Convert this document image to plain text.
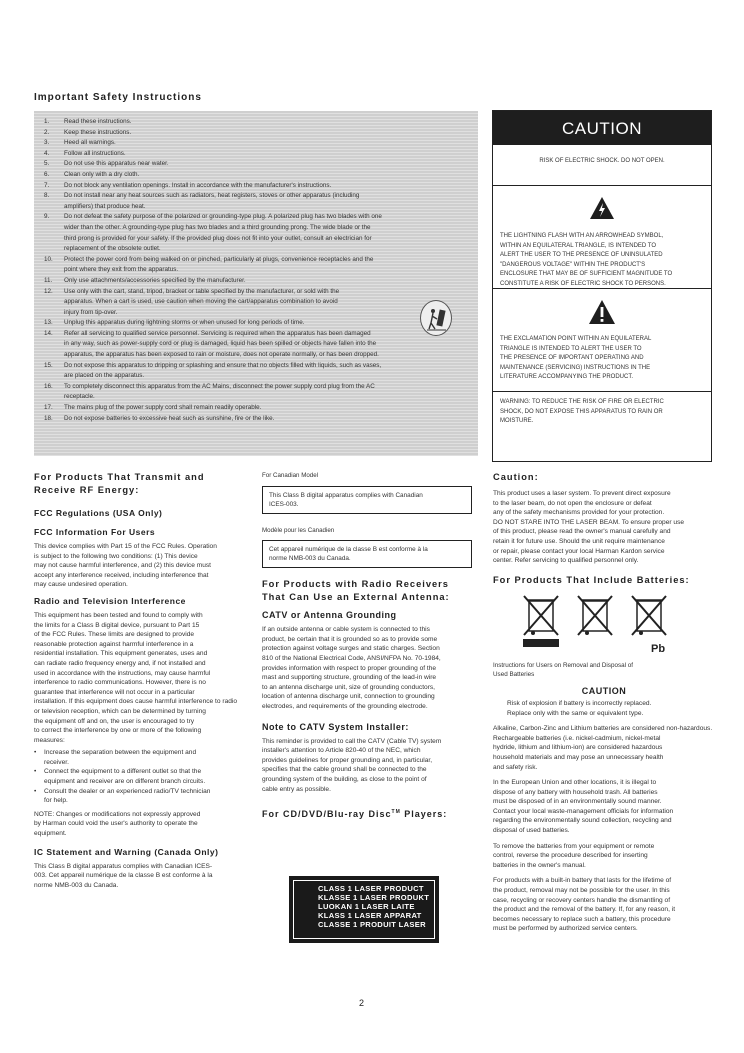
Important Safety Instructions
1.	Read these instructions.
2.	Keep these instructions.
3.	Heed all warnings.
4.	Follow all instructions.
5.	Do not use this apparatus near water.
6.	Clean only with a dry cloth.
7.	Do not block any ventilation openings. Install in accordance with the manufacturer's instructions.
8.	Do not install near any heat sources such as radiators, heat registers, stoves or other apparatus (including
amplifiers) that produce heat.
9.	Do not defeat the safety purpose of the polarized or grounding-type plug. A polarized plug has two blades with one
wider than the other. A grounding-type plug has two blades and a third grounding prong. The wide blade or the
third prong is provided for your safety. If the provided plug does not fit into your outlet, consult an electrician for
replacement of the obsolete outlet.
10.	Protect the power cord from being walked on or pinched, particularly at plugs, convenience receptacles and the
point where they exit from the apparatus.
11.	Only use attachments/accessories specified by the manufacturer.
12.	Use only with the cart, stand, tripod, bracket or table specified by the manufacturer, or sold with the
apparatus. When a cart is used, use caution when moving the cart/apparatus combination to avoid
injury from tip-over.
13.	Unplug this apparatus during lightning storms or when unused for long periods of time.
14.	Refer all servicing to qualified service personnel. Servicing is required when the apparatus has been damaged
in any way, such as power-supply cord or plug is damaged, liquid has been spilled or objects have fallen into the
apparatus, the apparatus has been exposed to rain or moisture, does not operate normally, or has been dropped.
15.	Do not expose this apparatus to dripping or splashing and ensure that no objects filled with liquids, such as vases,
are placed on the apparatus.
16.	To completely disconnect this apparatus from the AC Mains, disconnect the power supply cord plug from the AC
receptacle.
17.	The mains plug of the power supply cord shall remain readily operable.
18.	Do not expose batteries to excessive heat such as sunshine, fire or the like.
CAUTION
RISK OF ELECTRIC SHOCK. DO NOT OPEN.
THE LIGHTNING FLASH WITH AN ARROWHEAD SYMBOL,
WITHIN AN EQUILATERAL TRIANGLE, IS INTENDED TO
ALERT THE USER TO THE PRESENCE OF UNINSULATED
"DANGEROUS VOLTAGE" WITHIN THE PRODUCT'S
ENCLOSURE THAT MAY BE OF SUFFICIENT MAGNITUDE TO
CONSTITUTE A RISK OF ELECTRIC SHOCK TO PERSONS.
THE EXCLAMATION POINT WITHIN AN EQUILATERAL
TRIANGLE IS INTENDED TO ALERT THE USER TO
THE PRESENCE OF IMPORTANT OPERATING AND
MAINTENANCE (SERVICING) INSTRUCTIONS IN THE
LITERATURE ACCOMPANYING THE PRODUCT.
WARNING: TO REDUCE THE RISK OF FIRE OR ELECTRIC
SHOCK, DO NOT EXPOSE THIS APPARATUS TO RAIN OR
MOISTURE.
For Products That Transmit and
Receive RF Energy:
FCC Regulations (USA Only)
FCC Information For Users
This device complies with Part 15 of the FCC Rules. Operation
is subject to the following two conditions: (1) This device
may not cause harmful interference, and (2) this device must
accept any interference received, including interference that
may cause undesired operation.
Radio and Television Interference
This equipment has been tested and found to comply with
the limits for a Class B digital device, pursuant to Part 15
of the FCC Rules. These limits are designed to provide
reasonable protection against harmful interference in a
residential installation. This equipment generates, uses and
can radiate radio frequency energy and, if not installed and
used in accordance with the instructions, may cause harmful
interference to radio communications. However, there is no
guarantee that interference will not occur in a particular
installation. If this equipment does cause harmful interference to radio
or television reception, which can be determined by turning
the equipment off and on, the user is encouraged to try
to correct the interference by one or more of the following
measures:
•	Increase the separation between the equipment and
receiver.
•	Connect the equipment to a different outlet so that the
equipment and receiver are on different branch circuits.
•	Consult the dealer or an experienced radio/TV technician
for help.
NOTE: Changes or modifications not expressly approved
by Harman could void the user's authority to operate the
equipment.
IC Statement and Warning (Canada Only)
This Class B digital apparatus complies with Canadian ICES-
003. Cet appareil numérique de la classe B est conforme à la
norme NMB-003 du Canada.
For Canadian Model
This Class B digital apparatus complies with Canadian
ICES-003.
Modèle pour les Canadien
Cet appareil numérique de la classe B est conforme à la
norme NMB-003 du Canada.
For Products with Radio Receivers
That Can Use an External Antenna:
CATV or Antenna Grounding
If an outside antenna or cable system is connected to this
product, be certain that it is grounded so as to provide some
protection against voltage surges and static charges. Section
810 of the National Electrical Code, ANSI/NFPA No. 70-1984,
provides information with respect to proper grounding of the
mast and supporting structure, grounding of the lead-in wire
to an antenna discharge unit, size of grounding conductors,
location of antenna discharge unit, connection to grounding
electrodes, and requirements of the grounding electrode.
Note to CATV System Installer:
This reminder is provided to call the CATV (Cable TV) system
installer's attention to Article 820-40 of the NEC, which
provides guidelines for proper grounding and, in particular,
specifies that the cable ground shall be connected to the
grounding system of the building, as close to the point of
cable entry as possible.
For CD/DVD/Blu-ray Disc™ Players:
CLASS 1 LASER PRODUCT
KLASSE 1 LASER PRODUKT
LUOKAN 1 LASER LAITE
KLASS 1 LASER APPARAT
CLASSE 1 PRODUIT LASER
Caution:
This product uses a laser system. To prevent direct exposure
to the laser beam, do not open the enclosure or defeat
any of the safety mechanisms provided for your protection.
DO NOT STARE INTO THE LASER BEAM. To ensure proper use
of this product, please read the owner's manual carefully and
retain it for future use. Should the unit require maintenance
or repair, please contact your local Harman Kardon service
center. Refer servicing to qualified personnel only.
For Products That Include Batteries:
Pb
Instructions for Users on Removal and Disposal of
Used Batteries
CAUTION
Risk of explosion if battery is incorrectly replaced.
Replace only with the same or equivalent type.
Alkaline, Carbon-Zinc and Lithium batteries are considered non-hazardous.
Rechargeable batteries (i.e. nickel-cadmium, nickel-metal
hydride, lithium and lithium-ion) are considered hazardous
household materials and may pose an unnecessary health
and safety risk.
In the European Union and other locations, it is illegal to
dispose of any battery with household trash. All batteries
must be disposed of in an environmentally sound manner.
Contact your local waste-management officials for information
regarding the environmentally sound collection, recycling and
disposal of used batteries.
To remove the batteries from your equipment or remote
control, reverse the procedure described for inserting
batteries in the owner's manual.
For products with a built-in battery that lasts for the lifetime of
the product, removal may not be possible for the user. In this
case, recycling or recovery centers handle the dismantling of
the product and the removal of the battery. If, for any reason, it
becomes necessary to replace such a battery, this procedure
must be performed by authorized service centers.
2
